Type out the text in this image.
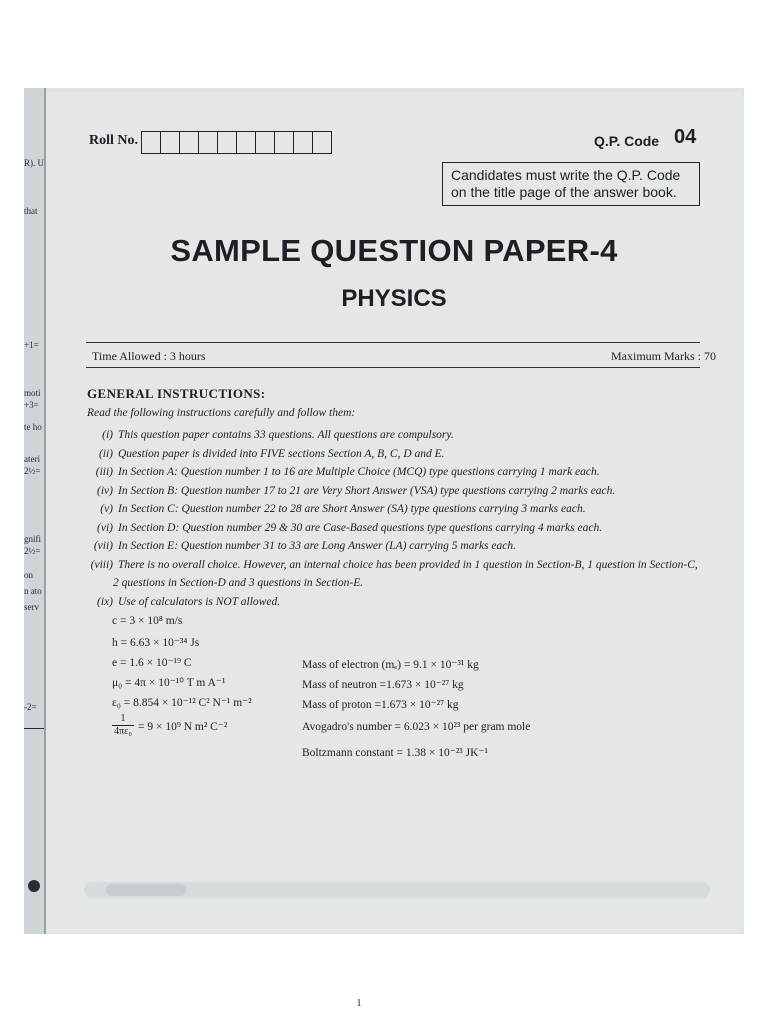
R). U
that
+1=
moti
+3=
te ho
ateri
2½=
gnifi
2½=
on
n ato
serv
-2=
Roll No.	Q.P. Code 04
Candidates must write the Q.P. Code
on the title page of the answer book.
SAMPLE QUESTION PAPER-4
PHYSICS
Time Allowed : 3 hours	Maximum Marks : 70
GENERAL INSTRUCTIONS:
Read the following instructions carefully and follow them:
(i) This question paper contains 33 questions. All questions are compulsory.
(ii) Question paper is divided into FIVE sections Section A, B, C, D and E.
(iii) In Section A: Question number 1 to 16 are Multiple Choice (MCQ) type questions carrying 1 mark each.
(iv) In Section B: Question number 17 to 21 are Very Short Answer (VSA) type questions carrying 2 marks each.
(v) In Section C: Question number 22 to 28 are Short Answer (SA) type questions carrying 3 marks each.
(vi) In Section D: Question number 29 & 30 are Case-Based questions type questions carrying 4 marks each.
(vii) In Section E: Question number 31 to 33 are Long Answer (LA) carrying 5 marks each.
(viii) There is no overall choice. However, an internal choice has been provided in 1 question in Section-B, 1 question in Section-C,
2 questions in Section-D and 3 questions in Section-E.
(ix) Use of calculators is NOT allowed.
c = 3 × 10⁸ m/s
h = 6.63 × 10⁻³⁴ Js
e = 1.6 × 10⁻¹⁹ C
μ₀ = 4π × 10⁻¹⁰ T m A⁻¹
ε₀ = 8.854 × 10⁻¹² C² N⁻¹ m⁻²
$\frac{1}{\text{4πε₀}} = 9 \times 10^9$ N m² C⁻²
Mass of electron (mₑ) = 9.1 × 10⁻³¹ kg
Mass of neutron =1.673 × 10⁻²⁷ kg
Mass of proton =1.673 × 10⁻²⁷ kg
Avogadro's number = 6.023 × 10²³ per gram mole
Boltzmann constant = 1.38 × 10⁻²³ JK⁻¹
1
